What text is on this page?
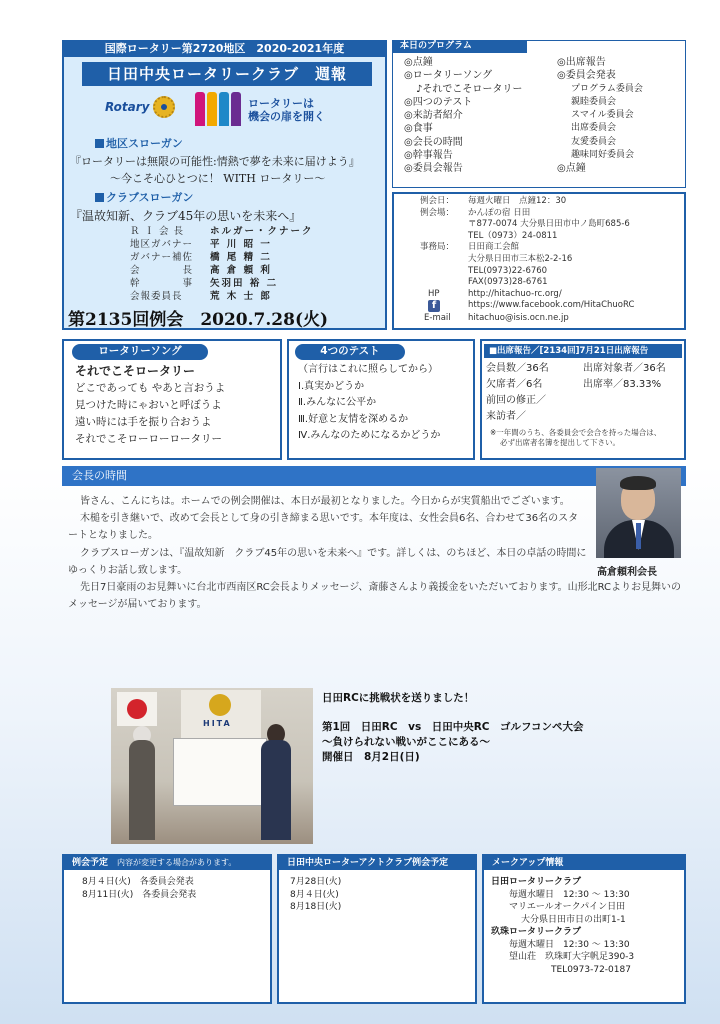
国際ロータリー第2720地区　2020-2021年度
日田中央ロータリークラブ　週報
Rotary	ロータリーは
機会の扉を開く
地区スローガン
『ロータリーは無限の可能性:情熱で夢を未来に届けよう』
～今こそ心ひとつに！ WITH ロータリー～
クラブスローガン
『温故知新、クラブ45年の思いを未来へ』
Ｒ Ｉ 会 長	ホルガー・クナーク
地区ガバナー	平 川 昭 一
ガバナー補佐	橋 尾 精 二
会　　　　長	高 倉 頼 利
幹　　　　事	矢羽田 裕 二
会報委員長	荒 木 士 郎
第2135回例会　2020.7.28(火)
本日のプログラム
◎点鐘
◎ロータリーソング
♪それでこそロータリー
◎四つのテスト
◎来訪者紹介
◎食事
◎会長の時間
◎幹事報告
◎委員会報告
◎出席報告
◎委員会発表
プログラム委員会
親睦委員会
スマイル委員会
出席委員会
友愛委員会
趣味同好委員会
◎点鐘
例会日：	毎週火曜日　点鐘12：30
例会場：	かんぽの宿 日田
〒877-0074 大分県日田市中ノ島町685-6
TEL（0973）24-0811
事務局：	日田商工会館
大分県日田市三本松2-2-16
TEL(0973)22-6760
FAX(0973)28-6761
HP	http://hitachuo-rc.org/
f	https://www.facebook.com/HitaChuoRC
E-mail	hitachuo@isis.ocn.ne.jp
ロータリーソング
それでこそロータリー
どこであっても やあと言おうよ
見つけた時にゃおいと呼ぼうよ
遠い時には手を振り合おうよ
それでこそローローロータリー
4つのテスト
（言行はこれに照らしてから）
Ⅰ.真実かどうか
Ⅱ.みんなに公平か
Ⅲ.好意と友情を深めるか
Ⅳ.みんなのためになるかどうか
■出席報告／[2134回]7月21日出席報告
会員数／36名	出席対象者／36名
欠席者／6名	出席率／83.33%
前回の修正／
来訪者／
※一年間のうち、各委員会で会合を持った場合は、
必ず出席者名簿を提出して下さい。
会長の時間
高倉頼利会長

皆さん、こんにちは。ホームでの例会開催は、本日が最初となりました。今日からが実質船出でございます。

木槌を引き継いで、改めて会長として身の引き締まる思いです。本年度は、女性会員6名、合わせて36名のスタートとなりました。

クラブスローガンは、『温故知新　クラブ45年の思いを未来へ』です。詳しくは、のちほど、本日の卓話の時間にゆっくりお話し致します。

先日7日豪雨のお見舞いに台北市西南区RC会長よりメッセージ、斎藤さんより義援金をいただいております。山形北RCよりお見舞いのメッセージが届いております。

HITA
日田RCに挑戦状を送りました！
第1回　日田RC　vs　日田中央RC　ゴルフコンペ大会
～負けられない戦いがここにある～
開催日　8月2日(日)
例会予定　 内容が変更する場合があります。
8月４日(火)　各委員会発表
8月11日(火)　各委員会発表
日田中央ローターアクトクラブ例会予定
7月28日(火)
8月４日(火)
8月18日(火)
メークアップ情報
日田ロータリークラブ
毎週水曜日　12:30 ～ 13:30
マリエールオークパイン日田
大分県日田市日の出町1-1
玖珠ロータリークラブ
毎週木曜日　12:30 ～ 13:30
望山荘　玖珠町大字帆足390-3
TEL0973-72-0187
